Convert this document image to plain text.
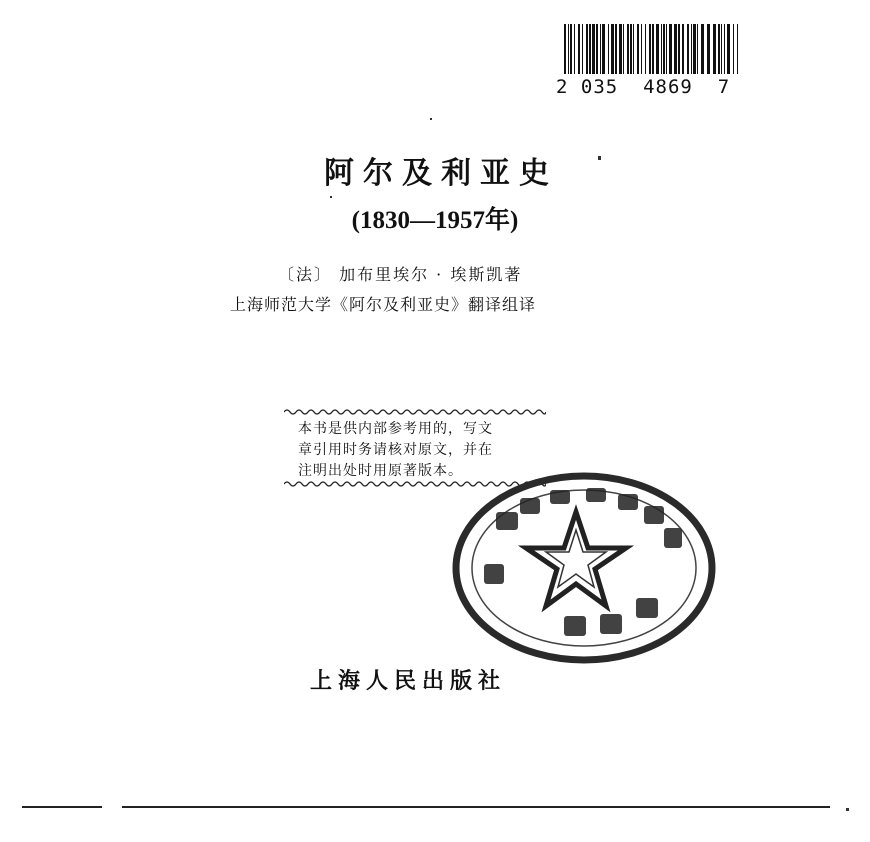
2 035  4869  7
阿尔及利亚史
(1830—1957年)
〔法〕 加布里埃尔 · 埃斯凯著
上海师范大学《阿尔及利亚史》翻译组译
本书是供内部参考用的，写文
章引用时务请核对原文，并在
注明出处时用原著版本。
上海人民出版社
